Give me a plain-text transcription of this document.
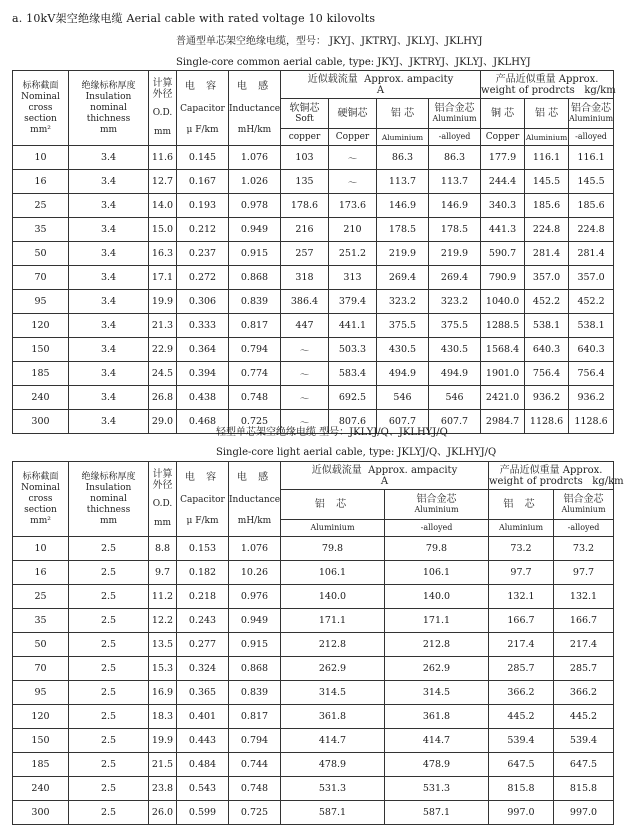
a. 10kV架空绝缘电缆 Aerial cable with rated voltage 10 kilovolts
普通型单芯架空绝缘电缆，型号： JKYJ、JKTRYJ、JKLYJ、JKLHYJ
Single-core common aerial cable, type: JKYJ、JKTRYJ、JKLYJ、JKLHYJ
标称截面
Nominal
cross
section
mm²	绝缘标称厚度
Insulation
nominal
thichness
mm	计算
外径
O.D.
mm	电 容
Capacitor
μ F/km	电 感
Inductance
mH/km	近似载流量 Approx. ampacity
A				产品近似重量 Approx.
weight of prodrcts kg/km		

					软铜芯
Soft	硬铜芯	铝 芯	铝合金芯
Aluminium	铜 芯	铝 芯	铝合金芯
Aluminium

					copper	Copper	Aluminium	-alloyed	Copper	Aluminium	-alloyed
10	3.4	11.6	0.145	1.076	103	～	86.3	86.3	177.9	116.1	116.1
16	3.4	12.7	0.167	1.026	135	～	113.7	113.7	244.4	145.5	145.5
25	3.4	14.0	0.193	0.978	178.6	173.6	146.9	146.9	340.3	185.6	185.6
35	3.4	15.0	0.212	0.949	216	210	178.5	178.5	441.3	224.8	224.8
50	3.4	16.3	0.237	0.915	257	251.2	219.9	219.9	590.7	281.4	281.4
70	3.4	17.1	0.272	0.868	318	313	269.4	269.4	790.9	357.0	357.0
95	3.4	19.9	0.306	0.839	386.4	379.4	323.2	323.2	1040.0	452.2	452.2
120	3.4	21.3	0.333	0.817	447	441.1	375.5	375.5	1288.5	538.1	538.1
150	3.4	22.9	0.364	0.794	～	503.3	430.5	430.5	1568.4	640.3	640.3
185	3.4	24.5	0.394	0.774	～	583.4	494.9	494.9	1901.0	756.4	756.4
240	3.4	26.8	0.438	0.748	～	692.5	546	546	2421.0	936.2	936.2
300	3.4	29.0	0.468	0.725	～	807.6	607.7	607.7	2984.7	1128.6	1128.6
轻型单芯架空绝缘电缆 型号：JKLYJ/Q、JKLHYJ/Q
Single-core light aerial cable, type: JKLYJ/Q、JKLHYJ/Q
标称截面
Nominal
cross
section
mm²	绝缘标称厚度
Insulation
nominal
thichness
mm	计算
外径
O.D.
mm	电 容
Capacitor
μ F/km	电 感
Inductance
mH/km	近似载流量 Approx. ampacity
A		产品近似重量 Approx.
weight of prodrcts kg/km	

					铝 芯	铝合金芯
Aluminium	铝 芯	铝合金芯
Aluminium

					Aluminium	-alloyed	Aluminium	-alloyed
10	2.5	8.8	0.153	1.076	79.8	79.8	73.2	73.2
16	2.5	9.7	0.182	10.26	106.1	106.1	97.7	97.7
25	2.5	11.2	0.218	0.976	140.0	140.0	132.1	132.1
35	2.5	12.2	0.243	0.949	171.1	171.1	166.7	166.7
50	2.5	13.5	0.277	0.915	212.8	212.8	217.4	217.4
70	2.5	15.3	0.324	0.868	262.9	262.9	285.7	285.7
95	2.5	16.9	0.365	0.839	314.5	314.5	366.2	366.2
120	2.5	18.3	0.401	0.817	361.8	361.8	445.2	445.2
150	2.5	19.9	0.443	0.794	414.7	414.7	539.4	539.4
185	2.5	21.5	0.484	0.744	478.9	478.9	647.5	647.5
240	2.5	23.8	0.543	0.748	531.3	531.3	815.8	815.8
300	2.5	26.0	0.599	0.725	587.1	587.1	997.0	997.0
